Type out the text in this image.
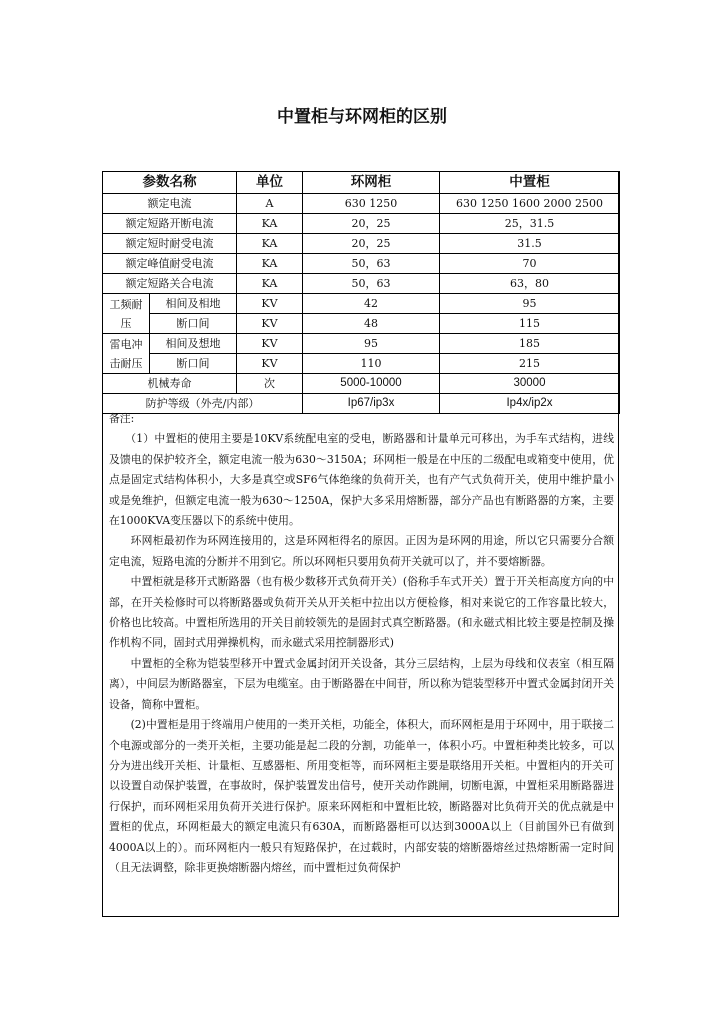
中置柜与环网柜的区别
参数名称		单位	环网柜	中置柜
额定电流		A	630 1250	630 1250 1600 2000 2500
额定短路开断电流		KA	20，25	25，31.5
额定短时耐受电流		KA	20，25	31.5
额定峰值耐受电流		KA	50，63	70
额定短路关合电流		KA	50，63	63，80
工频耐压	相间及相地	KV	42	95
	断口间	KV	48	115
雷电冲击耐压	相间及想地	KV	95	185
	断口间	KV	110	215
机械寿命		次	5000-10000	30000
防护等级（外壳/内部）			Ip67/ip3x	Ip4x/ip2x

备注:

（1）中置柜的使用主要是10KV系统配电室的受电，断路器和计量单元可移出，为手车式结构，进线及馈电的保护较齐全，额定电流一般为630～3150A；环网柜一般是在中压的二级配电或箱变中使用，优点是固定式结构体积小，大多是真空或SF6气体绝缘的负荷开关，也有产气式负荷开关，使用中维护量小或是免维护，但额定电流一般为630～1250A，保护大多采用熔断器，部分产品也有断路器的方案，主要在1000KVA变压器以下的系统中使用。

环网柜最初作为环网连接用的，这是环网柜得名的原因。正因为是环网的用途，所以它只需要分合额定电流，短路电流的分断并不用到它。所以环网柜只要用负荷开关就可以了，并不要熔断器。

中置柜就是移开式断路器（也有极少数移开式负荷开关）(俗称手车式开关）置于开关柜高度方向的中部，在开关检修时可以将断路器或负荷开关从开关柜中拉出以方便检修，相对来说它的工作容量比较大，价格也比较高。中置柜所选用的开关目前较领先的是固封式真空断路器。(和永磁式相比较主要是控制及操作机构不同，固封式用弹操机构，而永磁式采用控制器形式)

中置柜的全称为铠装型移开中置式金属封闭开关设备，其分三层结构，上层为母线和仪表室（相互隔离），中间层为断路器室，下层为电缆室。由于断路器在中间苷，所以称为铠装型移开中置式金属封闭开关设备，简称中置柜。

(2)中置柜是用于终端用户使用的一类开关柜，功能全，体积大，而环网柜是用于环网中，用于联接二个电源或部分的一类开关柜，主要功能是起二段的分割，功能单一，体积小巧。中置柜种类比较多，可以分为进出线开关柜、计量柜、互感器柜、所用变柜等，而环网柜主要是联络用开关柜。中置柜内的开关可以设置自动保护装置，在事故时，保护装置发出信号，使开关动作跳闸，切断电源，中置柜采用断路器进行保护，而环网柜采用负荷开关进行保护。原来环网柜和中置柜比较，断路器对比负荷开关的优点就是中置柜的优点，环网柜最大的额定电流只有630A，而断路器柜可以达到3000A以上（目前国外已有做到4000A以上的）。而环网柜内一般只有短路保护，在过载时，内部安装的熔断器熔丝过热熔断需一定时间（且无法调整，除非更换熔断器内熔丝，而中置柜过负荷保护
